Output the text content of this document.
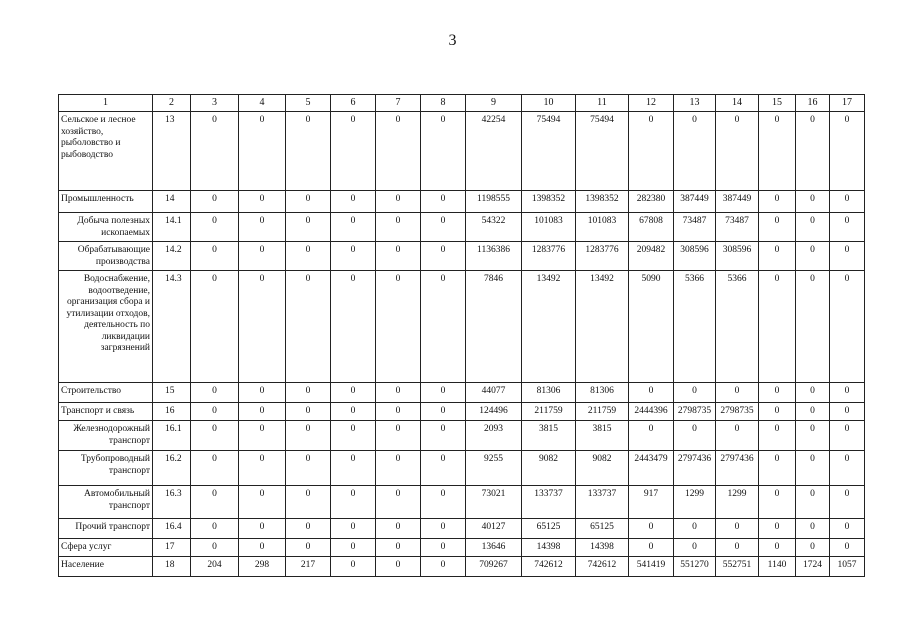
3
1	2	3	4	5	6	7	8	9	10	11	12	13	14	15	16	17
Сельское и лесное хозяйство, рыболовство и рыбоводство	13	0	0	0	0	0	0	42254	75494	75494	0	0	0	0	0	0
Промышленность	14	0	0	0	0	0	0	1198555	1398352	1398352	282380	387449	387449	0	0	0
Добыча полезных ископаемых	14.1	0	0	0	0	0	0	54322	101083	101083	67808	73487	73487	0	0	0
Обрабатывающие производства	14.2	0	0	0	0	0	0	1136386	1283776	1283776	209482	308596	308596	0	0	0
Водоснабжение, водоотведение, организация сбора и утилизации отходов, деятельность по ликвидации загрязнений	14.3	0	0	0	0	0	0	7846	13492	13492	5090	5366	5366	0	0	0
Строительство	15	0	0	0	0	0	0	44077	81306	81306	0	0	0	0	0	0
Транспорт и связь	16	0	0	0	0	0	0	124496	211759	211759	2444396	2798735	2798735	0	0	0
Железнодорожный транспорт	16.1	0	0	0	0	0	0	2093	3815	3815	0	0	0	0	0	0
Трубопроводный транспорт	16.2	0	0	0	0	0	0	9255	9082	9082	2443479	2797436	2797436	0	0	0
Автомобильный транспорт	16.3	0	0	0	0	0	0	73021	133737	133737	917	1299	1299	0	0	0
Прочий транспорт	16.4	0	0	0	0	0	0	40127	65125	65125	0	0	0	0	0	0
Сфера услуг	17	0	0	0	0	0	0	13646	14398	14398	0	0	0	0	0	0
Население	18	204	298	217	0	0	0	709267	742612	742612	541419	551270	552751	1140	1724	1057
